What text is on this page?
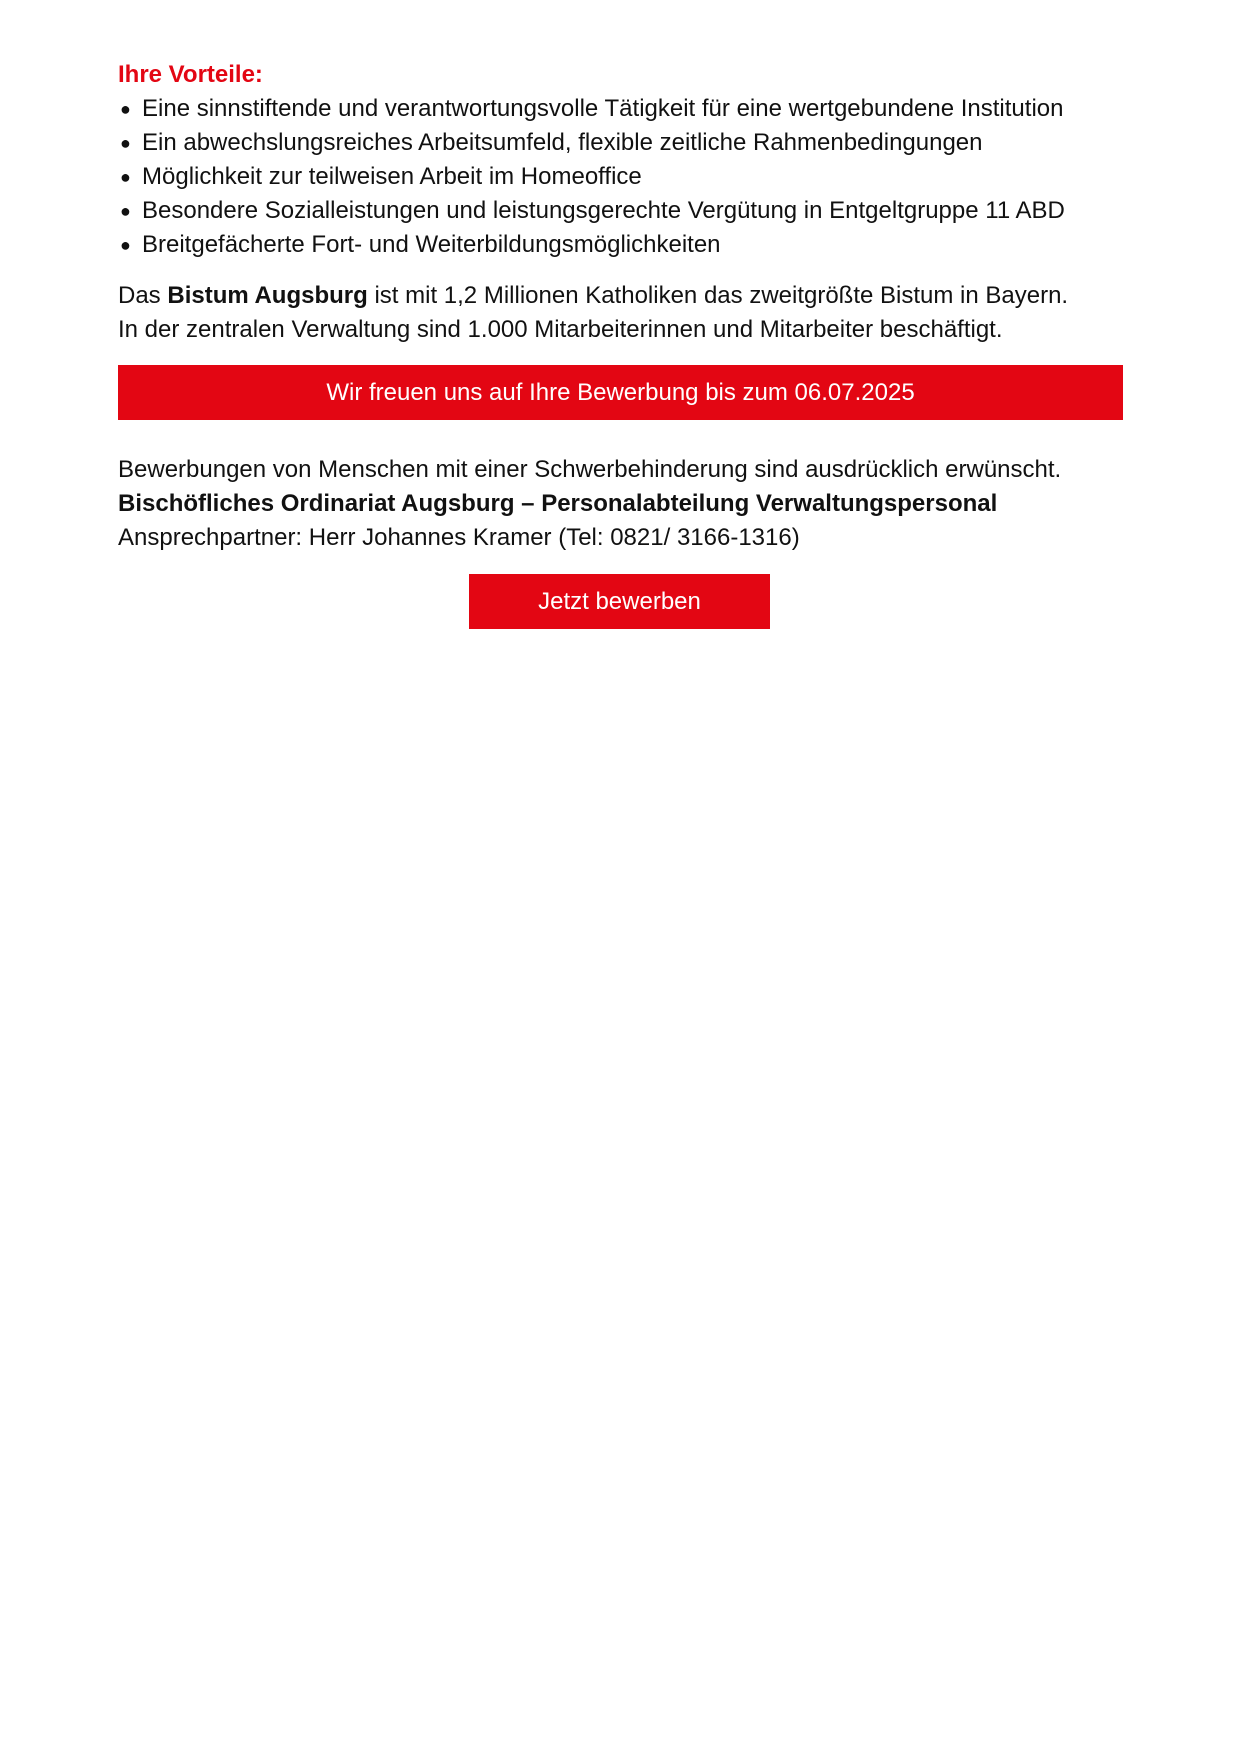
Ihre Vorteile:
● Eine sinnstiftende und verantwortungsvolle Tätigkeit für eine wertgebundene Institution
● Ein abwechslungsreiches Arbeitsumfeld, flexible zeitliche Rahmenbedingungen
● Möglichkeit zur teilweisen Arbeit im Homeoffice
● Besondere Sozialleistungen und leistungsgerechte Vergütung in Entgeltgruppe 11 ABD
● Breitgefächerte Fort- und Weiterbildungsmöglichkeiten

Das Bistum Augsburg ist mit 1,2 Millionen Katholiken das zweitgrößte Bistum in Bayern.
In der zentralen Verwaltung sind 1.000 Mitarbeiterinnen und Mitarbeiter beschäftigt.

Wir freuen uns auf Ihre Bewerbung bis zum 06.07.2025
Bewerbungen von Menschen mit einer Schwerbehinderung sind ausdrücklich erwünscht.
Bischöfliches Ordinariat Augsburg – Personalabteilung Verwaltungspersonal
Ansprechpartner: Herr Johannes Kramer (Tel: 0821/ 3166-1316)
Jetzt bewerben
